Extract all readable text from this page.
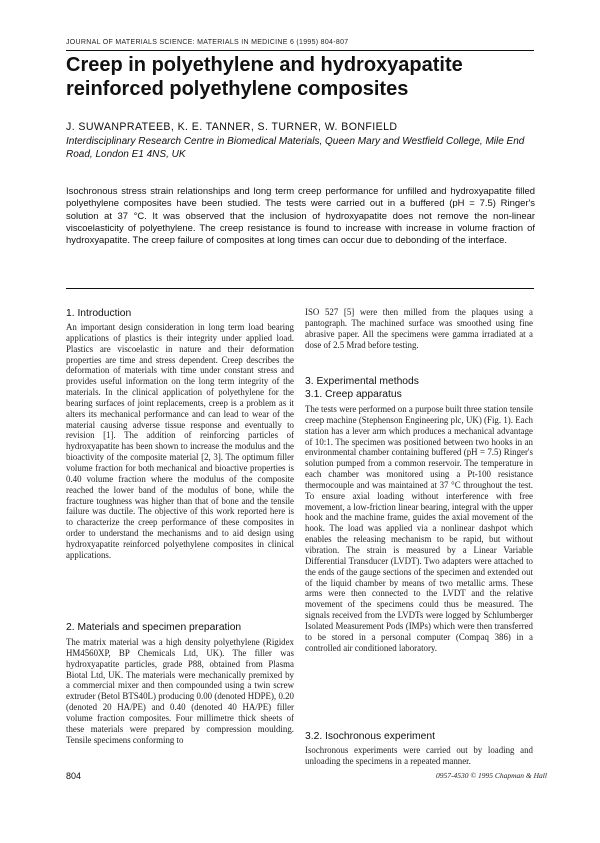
JOURNAL OF MATERIALS SCIENCE: MATERIALS IN MEDICINE 6 (1995) 804-807
Creep in polyethylene and hydroxyapatite reinforced polyethylene composites
J. SUWANPRATEEB, K. E. TANNER, S. TURNER, W. BONFIELD
Interdisciplinary Research Centre in Biomedical Materials, Queen Mary and Westfield College, Mile End Road, London E1 4NS, UK

Isochronous stress strain relationships and long term creep performance for unfilled and hydroxyapatite filled polyethylene composites have been studied. The tests were carried out in a buffered (pH = 7.5) Ringer's solution at 37 °C. It was observed that the inclusion of hydroxyapatite does not remove the non-linear viscoelasticity of polyethylene. The creep resistance is found to increase with increase in volume fraction of hydroxyapatite. The creep failure of composites at long times can occur due to debonding of the interface.

1. Introduction

An important design consideration in long term load bearing applications of plastics is their integrity under applied load. Plastics are viscoelastic in nature and their deformation properties are time and stress dependent. Creep describes the deformation of materials with time under constant stress and provides useful information on the long term integrity of the materials. In the clinical application of polyethylene for the bearing surfaces of joint replacements, creep is a problem as it alters its mechanical performance and can lead to wear of the material causing adverse tissue response and eventually to revision [1]. The addition of reinforcing particles of hydroxyapatite has been shown to increase the modulus and the bioactivity of the composite material [2, 3]. The optimum filler volume fraction for both mechanical and bioactive properties is 0.40 volume fraction where the modulus of the composite reached the lower band of the modulus of bone, while the fracture toughness was higher than that of bone and the tensile failure was ductile. The objective of this work reported here is to characterize the creep performance of these composites in order to understand the mechanisms and to aid design using hydroxyapatite reinforced polyethylene composites in clinical applications.

2. Materials and specimen preparation

The matrix material was a high density polyethylene (Rigidex HM4560XP, BP Chemicals Ltd, UK). The filler was hydroxyapatite particles, grade P88, obtained from Plasma Biotal Ltd, UK. The materials were mechanically premixed by a commercial mixer and then compounded using a twin screw extruder (Betol BTS40L) producing 0.00 (denoted HDPE), 0.20 (denoted 20 HA/PE) and 0.40 (denoted 40 HA/PE) filler volume fraction composites. Four millimetre thick sheets of these materials were prepared by compression moulding. Tensile specimens conforming to

ISO 527 [5] were then milled from the plaques using a pantograph. The machined surface was smoothed using fine abrasive paper. All the specimens were gamma irradiated at a dose of 2.5 Mrad before testing.

3. Experimental methods
3.1. Creep apparatus

The tests were performed on a purpose built three station tensile creep machine (Stephenson Engineering plc, UK) (Fig. 1). Each station has a lever arm which produces a mechanical advantage of 10:1. The specimen was positioned between two hooks in an environmental chamber containing buffered (pH = 7.5) Ringer's solution pumped from a common reservoir. The temperature in each chamber was monitored using a Pt-100 resistance thermocouple and was maintained at 37 °C throughout the test. To ensure axial loading without interference with free movement, a low-friction linear bearing, integral with the upper hook and the machine frame, guides the axial movement of the hook. The load was applied via a nonlinear dashpot which enables the releasing mechanism to be rapid, but without vibration. The strain is measured by a Linear Variable Differential Transducer (LVDT). Two adapters were attached to the ends of the gauge sections of the specimen and extended out of the liquid chamber by means of two metallic arms. These arms were then connected to the LVDT and the relative movement of the specimens could thus be measured. The signals received from the LVDTs were logged by Schlumberger Isolated Measurement Pods (IMPs) which were then transferred to be stored in a personal computer (Compaq 386) in a controlled air conditioned laboratory.

3.2. Isochronous experiment

Isochronous experiments were carried out by loading and unloading the specimens in a repeated manner.

804	0957-4530 © 1995 Chapman & Hall
